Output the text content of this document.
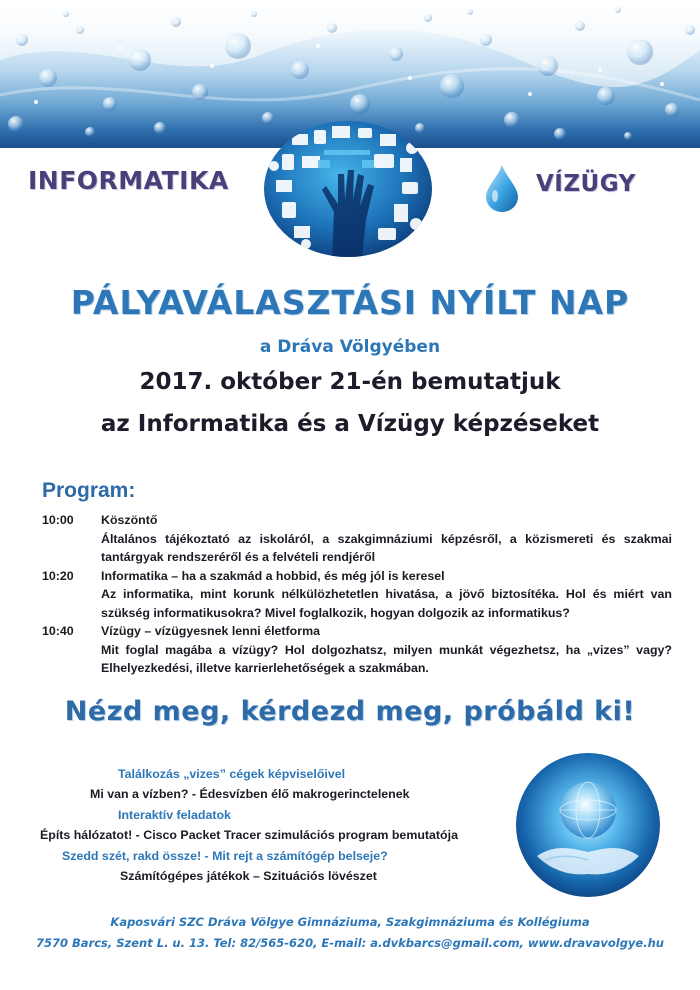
INFORMATIKA	VÍZÜGY
PÁLYAVÁLASZTÁSI NYÍLT NAP
a Dráva Völgyében
2017. október 21-én bemutatjuk
az Informatika és a Vízügy képzéseket
Program:
10:00	Köszöntő
Általános tájékoztató az iskoláról, a szakgimnáziumi képzésről, a közismereti és szakmai tantárgyak rendszeréről és a felvételi rendjéről
10:20	Informatika – ha a szakmád a hobbid, és még jól is keresel
Az informatika, mint korunk nélkülözhetetlen hivatása, a jövő biztosítéka. Hol és miért van szükség informatikusokra? Mivel foglalkozik, hogyan dolgozik az informatikus?
10:40	Vízügy – vízügyesnek lenni életforma
Mit foglal magába a vízügy? Hol dolgozhatsz, milyen munkát végezhetsz, ha „vizes” vagy? Elhelyezkedési, illetve karrierlehetőségek a szakmában.
Nézd meg, kérdezd meg, próbáld ki!
Találkozás „vizes” cégek képviselőivel
Mi van a vízben? - Édesvízben élő makrogerinctelenek
Interaktív feladatok
Építs hálózatot! - Cisco Packet Tracer szimulációs program bemutatója
Szedd szét, rakd össze! - Mit rejt a számítógép belseje?
Számítógépes játékok – Szituációs lövészet
Kaposvári SZC Dráva Völgye Gimnáziuma, Szakgimnáziuma és Kollégiuma
7570 Barcs, Szent L. u. 13. Tel: 82/565-620, E-mail: a.dvkbarcs@gmail.com, www.dravavolgye.hu
